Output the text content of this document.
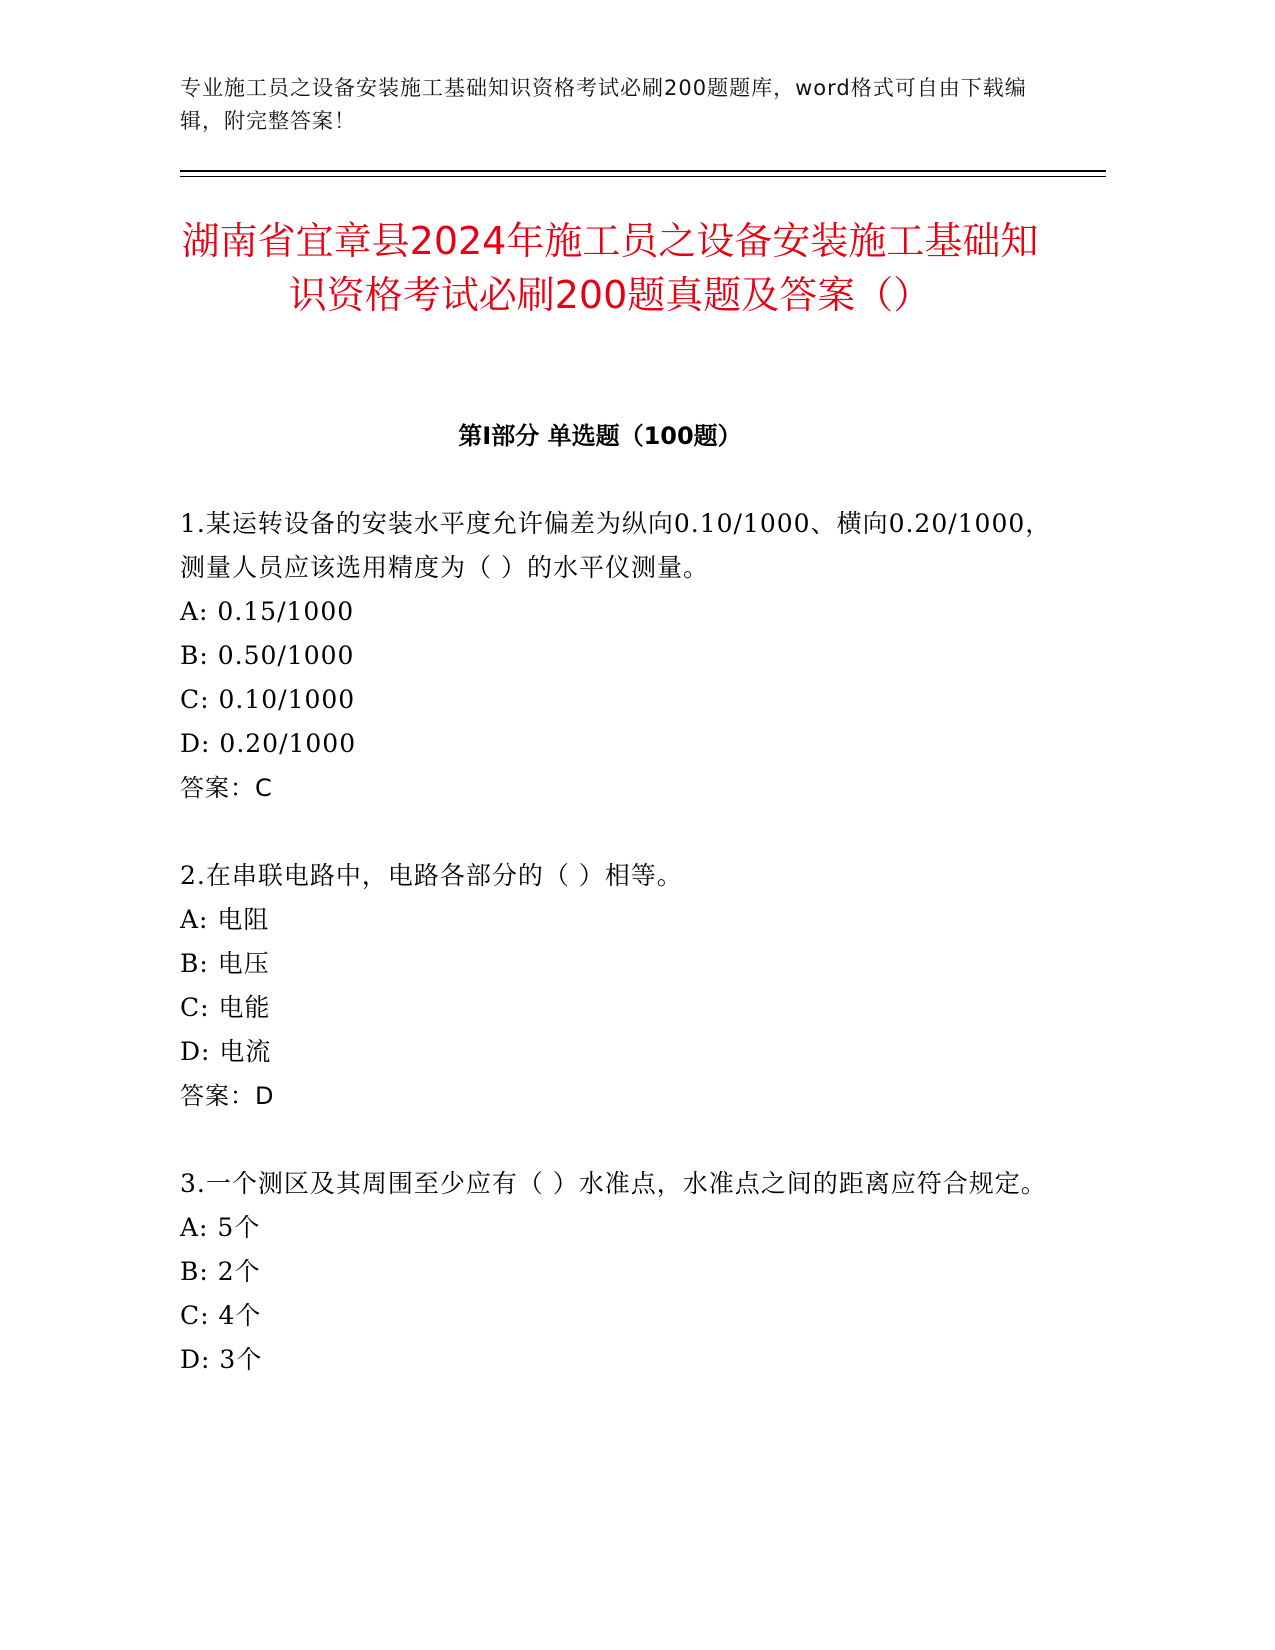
专业施工员之设备安装施工基础知识资格考试必刷200题题库，word格式可自由下载编辑，附完整答案！
湖南省宜章县2024年施工员之设备安装施工基础知识资格考试必刷200题真题及答案（）
第Ⅰ部分 单选题（100题）

1.某运转设备的安装水平度允许偏差为纵向0.10/1000、横向0.20/1000，测量人员应该选用精度为（ ）的水平仪测量。

A: 0.15/1000

B: 0.50/1000

C: 0.10/1000

D: 0.20/1000

答案：C

2.在串联电路中，电路各部分的（ ）相等。

A: 电阻

B: 电压

C: 电能

D: 电流

答案：D

3.一个测区及其周围至少应有（ ）水准点，水准点之间的距离应符合规定。

A: 5个

B: 2个

C: 4个

D: 3个
